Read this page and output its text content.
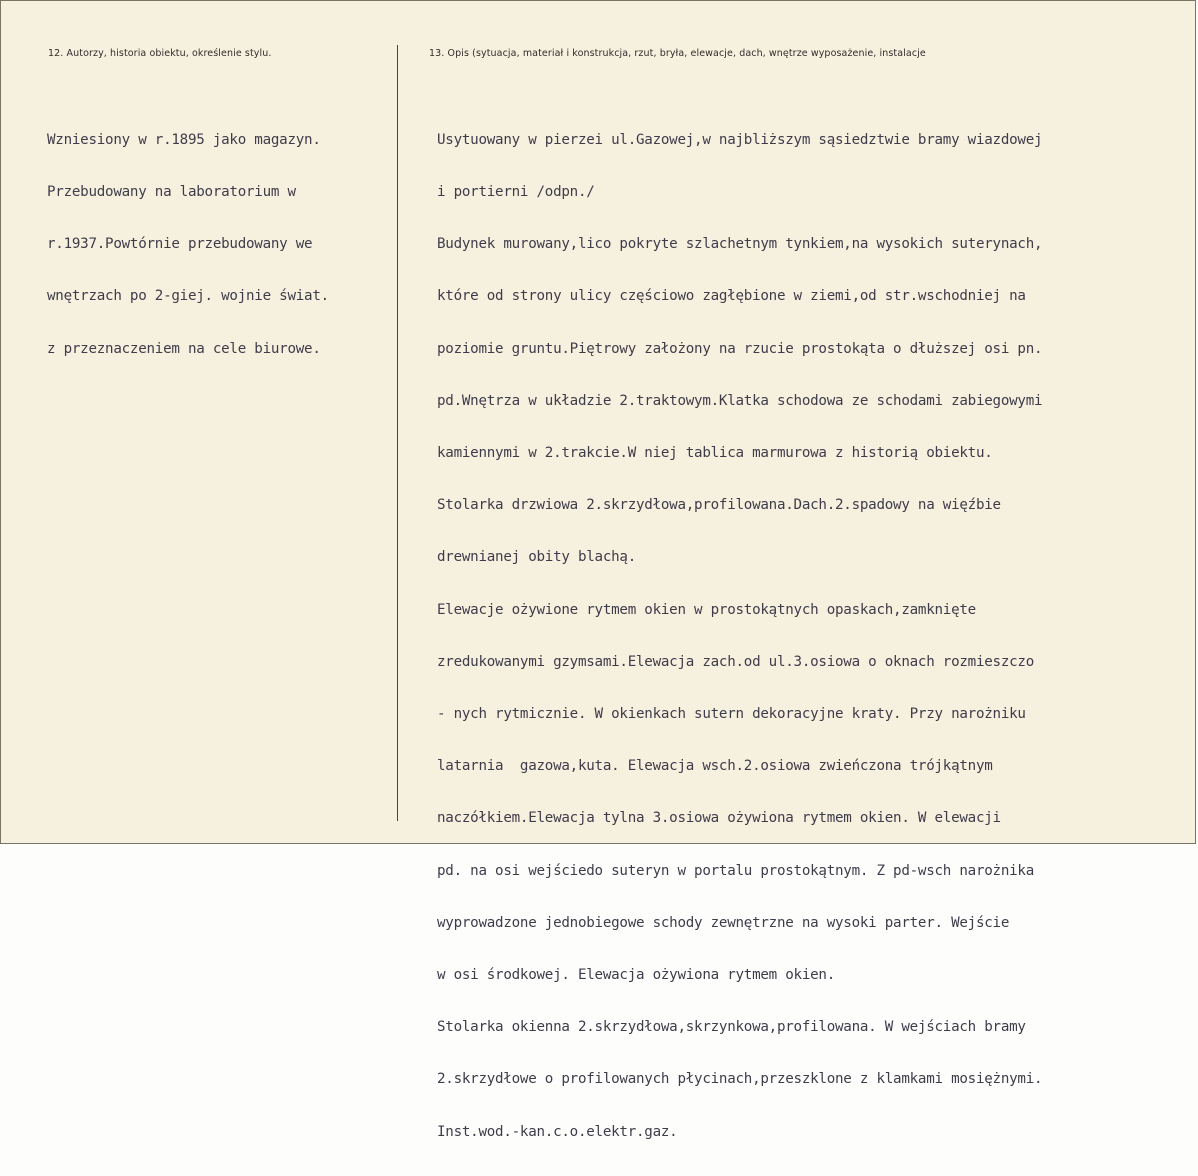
12. Autorzy, historia obiektu, określenie stylu.	13. Opis (sytuacja, materiał i konstrukcja, rzut, bryła, elewacje, dach, wnętrze wyposażenie, instalacje

Wzniesiony w r.1895 jako magazyn.

Przebudowany na laboratorium w

r.1937.Powtórnie przebudowany we

wnętrzach po 2-giej. wojnie świat.

z przeznaczeniem na cele biurowe.

Usytuowany w pierzei ul.Gazowej,w najbliższym sąsiedztwie bramy wiazdowej

i portierni /odpn./

Budynek murowany,lico pokryte szlachetnym tynkiem,na wysokich suterynach,

które od strony ulicy częściowo zagłębione w ziemi,od str.wschodniej na

poziomie gruntu.Piętrowy założony na rzucie prostokąta o dłuższej osi pn.

pd.Wnętrza w układzie 2.traktowym.Klatka schodowa ze schodami zabiegowymi

kamiennymi w 2.trakcie.W niej tablica marmurowa z historią obiektu.

Stolarka drzwiowa 2.skrzydłowa,profilowana.Dach.2.spadowy na więźbie

drewnianej obity blachą.

Elewacje ożywione rytmem okien w prostokątnych opaskach,zamknięte

zredukowanymi gzymsami.Elewacja zach.od ul.3.osiowa o oknach rozmieszczo

- nych rytmicznie. W okienkach sutern dekoracyjne kraty. Przy narożniku

latarnia  gazowa,kuta. Elewacja wsch.2.osiowa zwieńczona trójkątnym

naczółkiem.Elewacja tylna 3.osiowa ożywiona rytmem okien. W elewacji

pd. na osi wejściedo suteryn w portalu prostokątnym. Z pd-wsch narożnika

wyprowadzone jednobiegowe schody zewnętrzne na wysoki parter. Wejście

w osi środkowej. Elewacja ożywiona rytmem okien.

Stolarka okienna 2.skrzydłowa,skrzynkowa,profilowana. W wejściach bramy

2.skrzydłowe o profilowanych płycinach,przeszklone z klamkami mosiężnymi.

Inst.wod.-kan.c.o.elektr.gaz.
